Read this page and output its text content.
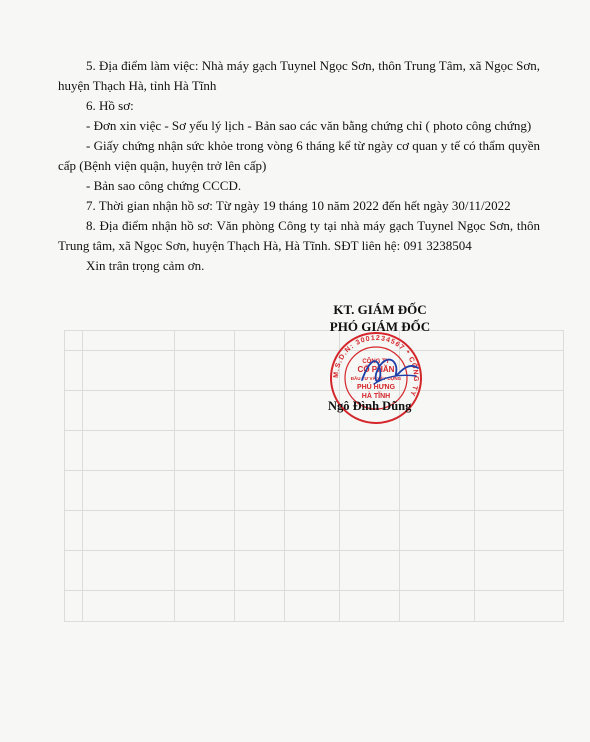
5. Địa điểm làm việc: Nhà máy gạch Tuynel Ngọc Sơn, thôn Trung Tâm, xã Ngọc Sơn, huyện Thạch Hà, tỉnh Hà Tĩnh

6. Hồ sơ:

- Đơn xin việc - Sơ yếu lý lịch - Bản sao các văn bằng chứng chỉ ( photo công chứng)

- Giấy chứng nhận sức khỏe trong vòng 6 tháng kể từ ngày cơ quan y tế có thẩm quyền cấp (Bệnh viện quận, huyện trở lên cấp)

- Bản sao công chứng CCCD.

7. Thời gian nhận hồ sơ: Từ ngày 19 tháng 10 năm 2022 đến hết ngày 30/11/2022

8. Địa điểm nhận hồ sơ: Văn phòng Công ty tại nhà máy gạch Tuynel Ngọc Sơn, thôn Trung tâm, xã Ngọc Sơn, huyện Thạch Hà, Hà Tĩnh. SĐT liên hệ: 091 3238504

Xin trân trọng cảm ơn.

KT. GIÁM ĐỐC
PHÓ GIÁM ĐỐC
M.S.D.N: 3001234567 * CÔNG TY
CÔNG TY
CỔ PHẦN
ĐẦU TƯ VÀ XÂY DỰNG
PHÚ HƯNG
HÀ TĨNH
Ngô Đình Dũng
